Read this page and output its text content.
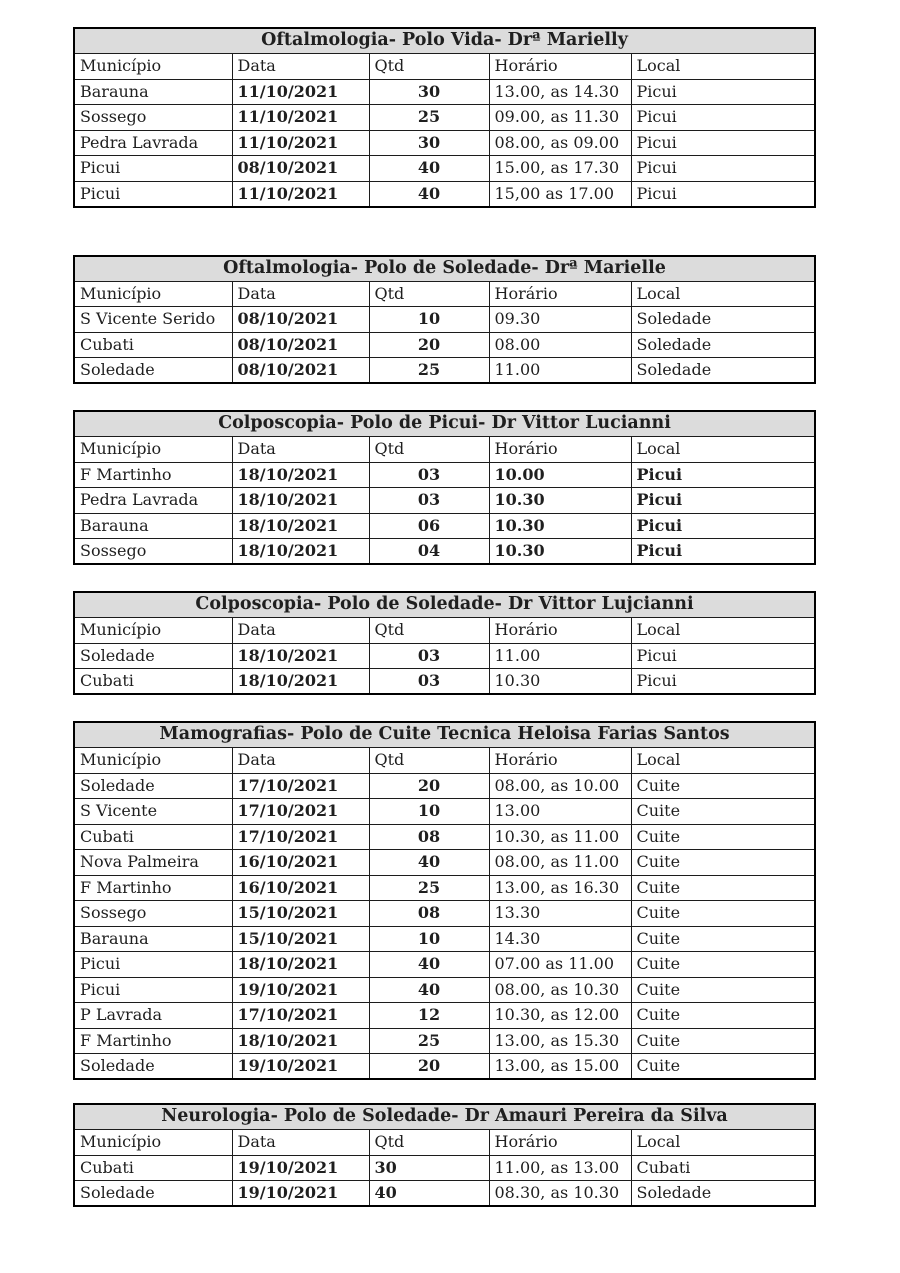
Oftalmologia- Polo Vida- Drª Marielly				
Município	Data	Qtd	Horário	Local
Barauna	11/10/2021	30	13.00, as 14.30	Picui
Sossego	11/10/2021	25	09.00, as 11.30	Picui
Pedra Lavrada	11/10/2021	30	08.00, as 09.00	Picui
Picui	08/10/2021	40	15.00, as 17.30	Picui
Picui	11/10/2021	40	15,00 as 17.00	Picui
Oftalmologia- Polo de Soledade- Drª Marielle				
Município	Data	Qtd	Horário	Local
S Vicente Serido	08/10/2021	10	09.30	Soledade
Cubati	08/10/2021	20	08.00	Soledade
Soledade	08/10/2021	25	11.00	Soledade
Colposcopia- Polo de Picui- Dr Vittor Lucianni				
Município	Data	Qtd	Horário	Local
F Martinho	18/10/2021	03	10.00	Picui
Pedra Lavrada	18/10/2021	03	10.30	Picui
Barauna	18/10/2021	06	10.30	Picui
Sossego	18/10/2021	04	10.30	Picui
Colposcopia- Polo de Soledade- Dr Vittor Lujcianni				
Município	Data	Qtd	Horário	Local
Soledade	18/10/2021	03	11.00	Picui
Cubati	18/10/2021	03	10.30	Picui
Mamografias- Polo de Cuite Tecnica Heloisa Farias Santos				
Município	Data	Qtd	Horário	Local
Soledade	17/10/2021	20	08.00, as 10.00	Cuite
S Vicente	17/10/2021	10	13.00	Cuite
Cubati	17/10/2021	08	10.30, as 11.00	Cuite
Nova Palmeira	16/10/2021	40	08.00, as 11.00	Cuite
F Martinho	16/10/2021	25	13.00, as 16.30	Cuite
Sossego	15/10/2021	08	13.30	Cuite
Barauna	15/10/2021	10	14.30	Cuite
Picui	18/10/2021	40	07.00 as 11.00	Cuite
Picui	19/10/2021	40	08.00, as 10.30	Cuite
P Lavrada	17/10/2021	12	10.30, as 12.00	Cuite
F Martinho	18/10/2021	25	13.00, as 15.30	Cuite
Soledade	19/10/2021	20	13.00, as 15.00	Cuite
Neurologia- Polo de Soledade- Dr Amauri Pereira da Silva				
Município	Data	Qtd	Horário	Local
Cubati	19/10/2021	30	11.00, as 13.00	Cubati
Soledade	19/10/2021	40	08.30, as 10.30	Soledade
